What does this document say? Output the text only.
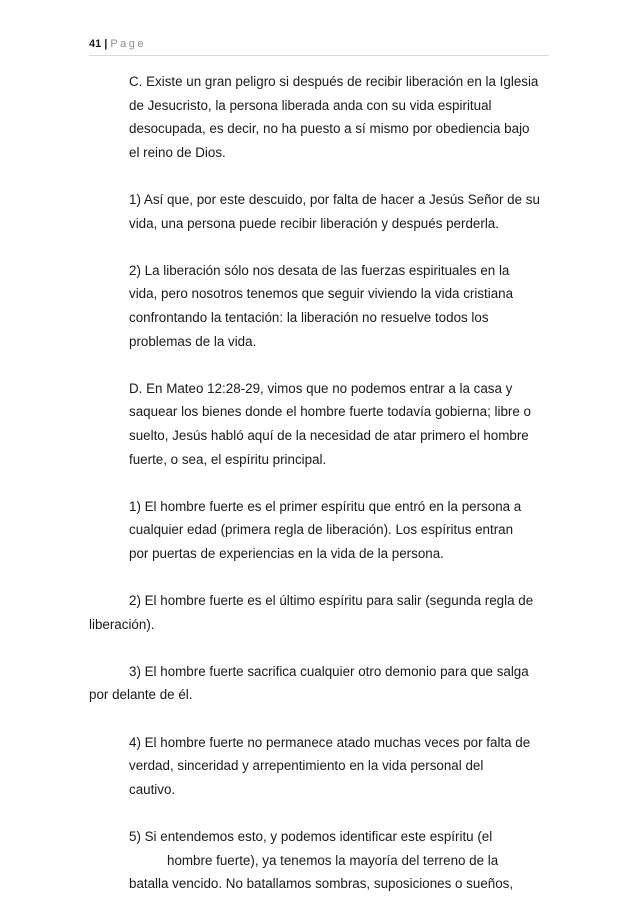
41 | Page
C. Existe un gran peligro si después de recibir liberación en la Iglesia
de Jesucristo, la persona liberada anda con su vida espiritual
desocupada, es decir, no ha puesto a sí mismo por obediencia bajo
el reino de Dios.
1) Así que, por este descuido, por falta de hacer a Jesús Señor de su
vida, una persona puede recibir liberación y después perderla.
2) La liberación sólo nos desata de las fuerzas espirituales en la
vida, pero nosotros tenemos que seguir viviendo la vida cristiana
confrontando la tentación: la liberación no resuelve todos los
problemas de la vida.
D. En Mateo 12:28-29, vimos que no podemos entrar a la casa y
saquear los bienes donde el hombre fuerte todavía gobierna; libre o
suelto, Jesús habló aquí de la necesidad de atar primero el hombre
fuerte, o sea, el espíritu principal.
1) El hombre fuerte es el primer espíritu que entró en la persona a
cualquier edad (primera regla de liberación). Los espíritus entran
por puertas de experiencias en la vida de la persona.
2) El hombre fuerte es el último espíritu para salir (segunda regla de
liberación).
3) El hombre fuerte sacrifica cualquier otro demonio para que salga
por delante de él.
4) El hombre fuerte no permanece atado muchas veces por falta de
verdad, sinceridad y arrepentimiento en la vida personal del
cautivo.
5) Si entendemos esto, y podemos identificar este espíritu (el
hombre fuerte), ya tenemos la mayoría del terreno de la
batalla vencido. No batallamos sombras, suposiciones o sueños,
